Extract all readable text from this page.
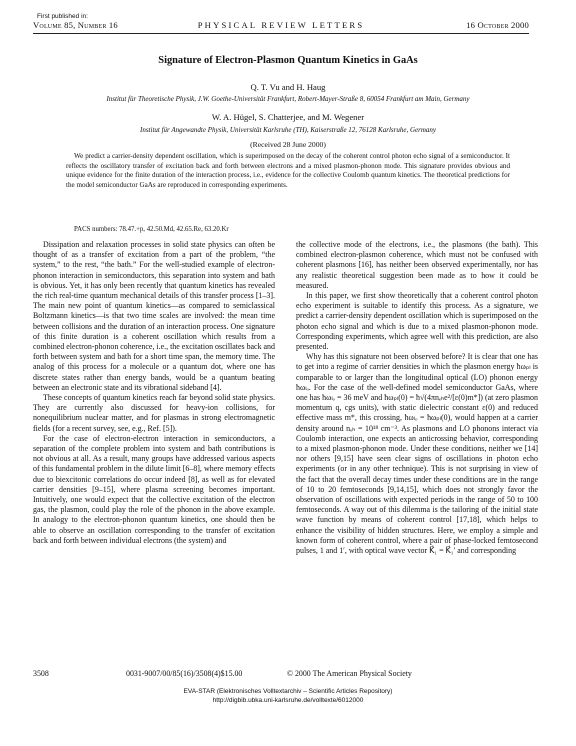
First published in:
Volume 85, Number 16	PHYSICAL REVIEW LETTERS	16 October 2000
Signature of Electron-Plasmon Quantum Kinetics in GaAs
Q. T. Vu and H. Haug
Institut für Theoretische Physik, J.W. Goethe-Universität Frankfurt, Robert-Mayer-Straße 8, 60054 Frankfurt am Main, Germany
W. A. Hügel, S. Chatterjee, and M. Wegener
Institut für Angewandte Physik, Universität Karlsruhe (TH), Kaiserstraße 12, 76128 Karlsruhe, Germany
(Received 28 June 2000)

We predict a carrier-density dependent oscillation, which is superimposed on the decay of the coherent control photon echo signal of a semiconductor. It reflects the oscillatory transfer of excitation back and forth between electrons and a mixed plasmon-phonon mode. This signature provides obvious and unique evidence for the finite duration of the interaction process, i.e., evidence for the collective Coulomb quantum kinetics. The theoretical predictions for the model semiconductor GaAs are reproduced in corresponding experiments.

PACS numbers: 78.47.+p, 42.50.Md, 42.65.Re, 63.20.Kr

Dissipation and relaxation processes in solid state physics can often be thought of as a transfer of excitation from a part of the problem, “the system,” to the rest, “the bath.” For the well-studied example of electron-phonon interaction in semiconductors, this separation into system and bath is obvious. Yet, it has only been recently that quantum kinetics has revealed the rich real-time quantum mechanical details of this transfer process [1–3]. The main new point of quantum kinetics—as compared to semiclassical Boltzmann kinetics—is that two time scales are involved: the mean time between collisions and the duration of an interaction process. One signature of this finite duration is a coherent oscillation which results from a combined electron-phonon coherence, i.e., the excitation oscillates back and forth between system and bath for a short time span, the memory time. The analog of this process for a molecule or a quantum dot, where one has discrete states rather than energy bands, would be a quantum beating between an electronic state and its vibrational sideband [4].

These concepts of quantum kinetics reach far beyond solid state physics. They are currently also discussed for heavy-ion collisions, for nonequilibrium nuclear matter, and for plasmas in strong electromagnetic fields (for a recent survey, see, e.g., Ref. [5]).

For the case of electron-electron interaction in semiconductors, a separation of the complete problem into system and bath contributions is not obvious at all. As a result, many groups have addressed various aspects of this fundamental problem in the dilute limit [6–8], where memory effects due to biexcitonic correlations do occur indeed [8], as well as for elevated carrier densities [9–15], where plasma screening becomes important. Intuitively, one would expect that the collective excitation of the electron gas, the plasmon, could play the role of the phonon in the above example. In analogy to the electron-phonon quantum kinetics, one should then be able to observe an oscillation corresponding to the transfer of excitation back and forth between individual electrons (the system) and

the collective mode of the electrons, i.e., the plasmons (the bath). This combined electron-plasmon coherence, which must not be confused with coherent plasmons [16], has neither been observed experimentally, nor has any realistic theoretical suggestion been made as to how it could be measured.

In this paper, we first show theoretically that a coherent control photon echo experiment is suitable to identify this process. As a signature, we predict a carrier-density dependent oscillation which is superimposed on the photon echo signal and which is due to a mixed plasmon-phonon mode. Corresponding experiments, which agree well with this prediction, are also presented.

Why has this signature not been observed before? It is clear that one has to get into a regime of carrier densities in which the plasmon energy ħωₚₗ is comparable to or larger than the longitudinal optical (LO) phonon energy ħωₗₒ. For the case of the well-defined model semiconductor GaAs, where one has ħωₗₒ = 36 meV and ħωₚₗ(0) = ħ√(4πnₑₕe²/[ε(0)m*]) (at zero plasmon momentum q, cgs units), with static dielectric constant ε(0) and reduced effective mass m*, this crossing, ħωₗₒ = ħωₚₗ(0), would happen at a carrier density around nₑₕ = 10¹⁸ cm⁻³. As plasmons and LO phonons interact via Coulomb interaction, one expects an anticrossing behavior, corresponding to a mixed plasmon-phonon mode. Under these conditions, neither we [14] nor others [9,15] have seen clear signs of oscillations in photon echo experiments (or in any other technique). This is not surprising in view of the fact that the overall decay times under these conditions are in the range of 10 to 20 femtoseconds [9,14,15], which does not strongly favor the observation of oscillations with expected periods in the range of 50 to 100 femtoseconds. A way out of this dilemma is the tailoring of the initial state wave function by means of coherent control [17,18], which helps to enhance the visibility of hidden structures. Here, we employ a simple and known form of coherent control, where a pair of phase-locked femtosecond pulses, 1 and 1′, with optical wave vector K⃗₁ = K⃗₁′ and corresponding

3508	0031-9007/00/85(16)/3508(4)$15.00	© 2000 The American Physical Society
EVA-STAR (Elektronisches Volltextarchiv – Scientific Articles Repository)
http://digbib.ubka.uni-karlsruhe.de/volltexte/6012000
